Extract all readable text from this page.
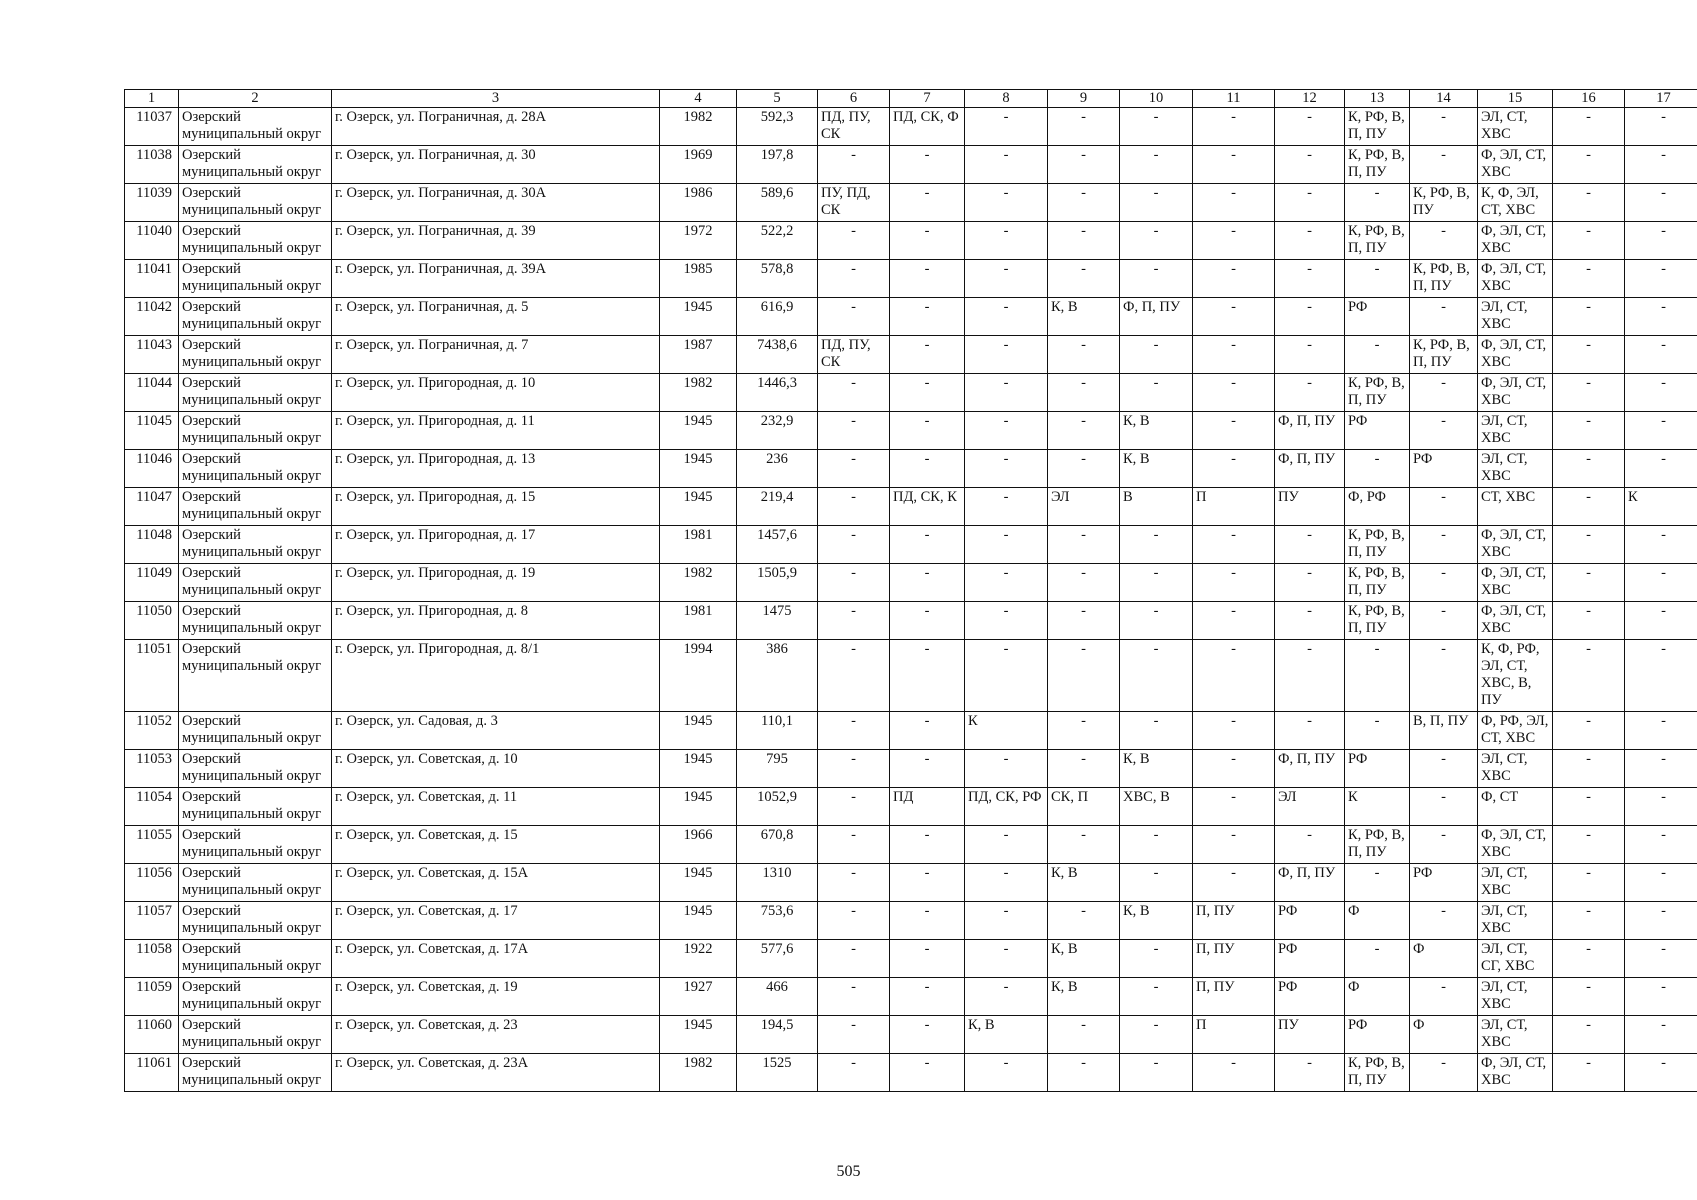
1	2	3	4	5	6	7	8	9	10	11	12	13	14	15	16	17
11037	Озерский муниципальный округ	г. Озерск, ул. Пограничная, д. 28А	1982	592,3	ПД, ПУ, СК	ПД, СК, Ф	-	-	-	-	-	К, РФ, В, П, ПУ	-	ЭЛ, СТ, ХВС	-	-
11038	Озерский муниципальный округ	г. Озерск, ул. Пограничная, д. 30	1969	197,8	-	-	-	-	-	-	-	К, РФ, В, П, ПУ	-	Ф, ЭЛ, СТ, ХВС	-	-
11039	Озерский муниципальный округ	г. Озерск, ул. Пограничная, д. 30А	1986	589,6	ПУ, ПД, СК	-	-	-	-	-	-	-	К, РФ, В, ПУ	К, Ф, ЭЛ, СТ, ХВС	-	-
11040	Озерский муниципальный округ	г. Озерск, ул. Пограничная, д. 39	1972	522,2	-	-	-	-	-	-	-	К, РФ, В, П, ПУ	-	Ф, ЭЛ, СТ, ХВС	-	-
11041	Озерский муниципальный округ	г. Озерск, ул. Пограничная, д. 39А	1985	578,8	-	-	-	-	-	-	-	-	К, РФ, В, П, ПУ	Ф, ЭЛ, СТ, ХВС	-	-
11042	Озерский муниципальный округ	г. Озерск, ул. Пограничная, д. 5	1945	616,9	-	-	-	К, В	Ф, П, ПУ	-	-	РФ	-	ЭЛ, СТ, ХВС	-	-
11043	Озерский муниципальный округ	г. Озерск, ул. Пограничная, д. 7	1987	7438,6	ПД, ПУ, СК	-	-	-	-	-	-	-	К, РФ, В, П, ПУ	Ф, ЭЛ, СТ, ХВС	-	-
11044	Озерский муниципальный округ	г. Озерск, ул. Пригородная, д. 10	1982	1446,3	-	-	-	-	-	-	-	К, РФ, В, П, ПУ	-	Ф, ЭЛ, СТ, ХВС	-	-
11045	Озерский муниципальный округ	г. Озерск, ул. Пригородная, д. 11	1945	232,9	-	-	-	-	К, В	-	Ф, П, ПУ	РФ	-	ЭЛ, СТ, ХВС	-	-
11046	Озерский муниципальный округ	г. Озерск, ул. Пригородная, д. 13	1945	236	-	-	-	-	К, В	-	Ф, П, ПУ	-	РФ	ЭЛ, СТ, ХВС	-	-
11047	Озерский муниципальный округ	г. Озерск, ул. Пригородная, д. 15	1945	219,4	-	ПД, СК, К	-	ЭЛ	В	П	ПУ	Ф, РФ	-	СТ, ХВС	-	К
11048	Озерский муниципальный округ	г. Озерск, ул. Пригородная, д. 17	1981	1457,6	-	-	-	-	-	-	-	К, РФ, В, П, ПУ	-	Ф, ЭЛ, СТ, ХВС	-	-
11049	Озерский муниципальный округ	г. Озерск, ул. Пригородная, д. 19	1982	1505,9	-	-	-	-	-	-	-	К, РФ, В, П, ПУ	-	Ф, ЭЛ, СТ, ХВС	-	-
11050	Озерский муниципальный округ	г. Озерск, ул. Пригородная, д. 8	1981	1475	-	-	-	-	-	-	-	К, РФ, В, П, ПУ	-	Ф, ЭЛ, СТ, ХВС	-	-
11051	Озерский муниципальный округ	г. Озерск, ул. Пригородная, д. 8/1	1994	386	-	-	-	-	-	-	-	-	-	К, Ф, РФ, ЭЛ, СТ, ХВС, В, ПУ	-	-
11052	Озерский муниципальный округ	г. Озерск, ул. Садовая, д. 3	1945	110,1	-	-	К	-	-	-	-	-	В, П, ПУ	Ф, РФ, ЭЛ, СТ, ХВС	-	-
11053	Озерский муниципальный округ	г. Озерск, ул. Советская, д. 10	1945	795	-	-	-	-	К, В	-	Ф, П, ПУ	РФ	-	ЭЛ, СТ, ХВС	-	-
11054	Озерский муниципальный округ	г. Озерск, ул. Советская, д. 11	1945	1052,9	-	ПД	ПД, СК, РФ	СК, П	ХВС, В	-	ЭЛ	К	-	Ф, СТ	-	-
11055	Озерский муниципальный округ	г. Озерск, ул. Советская, д. 15	1966	670,8	-	-	-	-	-	-	-	К, РФ, В, П, ПУ	-	Ф, ЭЛ, СТ, ХВС	-	-
11056	Озерский муниципальный округ	г. Озерск, ул. Советская, д. 15А	1945	1310	-	-	-	К, В	-	-	Ф, П, ПУ	-	РФ	ЭЛ, СТ, ХВС	-	-
11057	Озерский муниципальный округ	г. Озерск, ул. Советская, д. 17	1945	753,6	-	-	-	-	К, В	П, ПУ	РФ	Ф	-	ЭЛ, СТ, ХВС	-	-
11058	Озерский муниципальный округ	г. Озерск, ул. Советская, д. 17А	1922	577,6	-	-	-	К, В	-	П, ПУ	РФ	-	Ф	ЭЛ, СТ, СГ, ХВС	-	-
11059	Озерский муниципальный округ	г. Озерск, ул. Советская, д. 19	1927	466	-	-	-	К, В	-	П, ПУ	РФ	Ф	-	ЭЛ, СТ, ХВС	-	-
11060	Озерский муниципальный округ	г. Озерск, ул. Советская, д. 23	1945	194,5	-	-	К, В	-	-	П	ПУ	РФ	Ф	ЭЛ, СТ, ХВС	-	-
11061	Озерский муниципальный округ	г. Озерск, ул. Советская, д. 23А	1982	1525	-	-	-	-	-	-	-	К, РФ, В, П, ПУ	-	Ф, ЭЛ, СТ, ХВС	-	-
505
